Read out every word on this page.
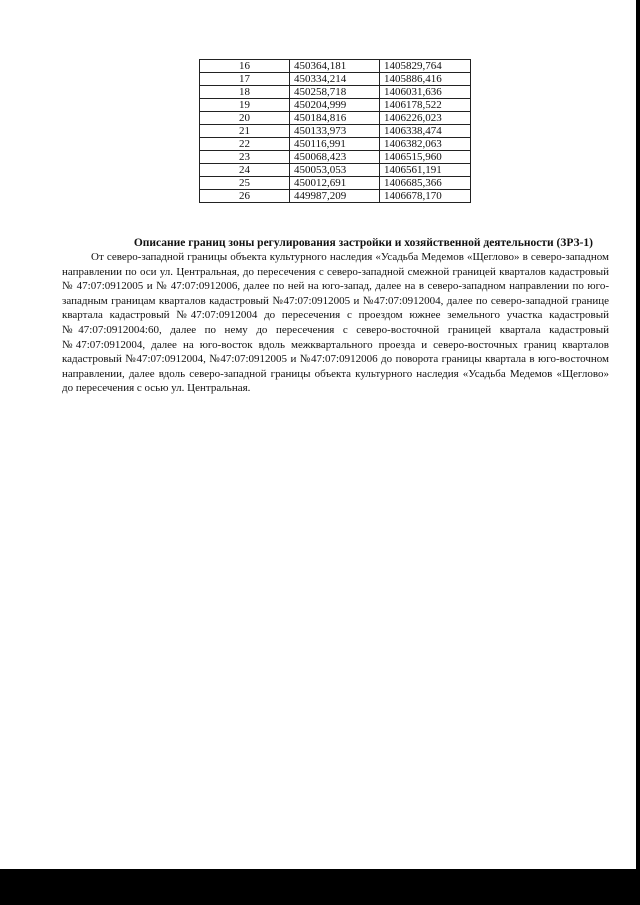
16	450364,181	1405829,764
17	450334,214	1405886,416
18	450258,718	1406031,636
19	450204,999	1406178,522
20	450184,816	1406226,023
21	450133,973	1406338,474
22	450116,991	1406382,063
23	450068,423	1406515,960
24	450053,053	1406561,191
25	450012,691	1406685,366
26	449987,209	1406678,170
Описание границ зоны регулирования застройки и хозяйственной деятельности (ЗРЗ-1)

От северо-западной границы объекта культурного наследия «Усадьба Медемов «Щеглово» в северо-западном направлении по оси ул. Центральная, до пересечения с северо-западной смежной границей кварталов кадастровый № 47:07:0912005 и № 47:07:0912006, далее по ней на юго-запад, далее на в северо-западном направлении по юго-западным границам кварталов кадастровый №47:07:0912005 и №47:07:0912004, далее по северо-западной границе квартала кадастровый №47:07:0912004 до пересечения с проездом южнее земельного участка кадастровый №47:07:0912004:60, далее по нему до пересечения с северо-восточной границей квартала кадастровый №47:07:0912004, далее на юго-восток вдоль межквартального проезда и северо-восточных границ кварталов кадастровый №47:07:0912004, №47:07:0912005 и №47:07:0912006 до поворота границы квартала в юго-восточном направлении, далее вдоль северо-западной границы объекта культурного наследия «Усадьба Медемов «Щеглово» до пересечения с осью ул. Центральная.
